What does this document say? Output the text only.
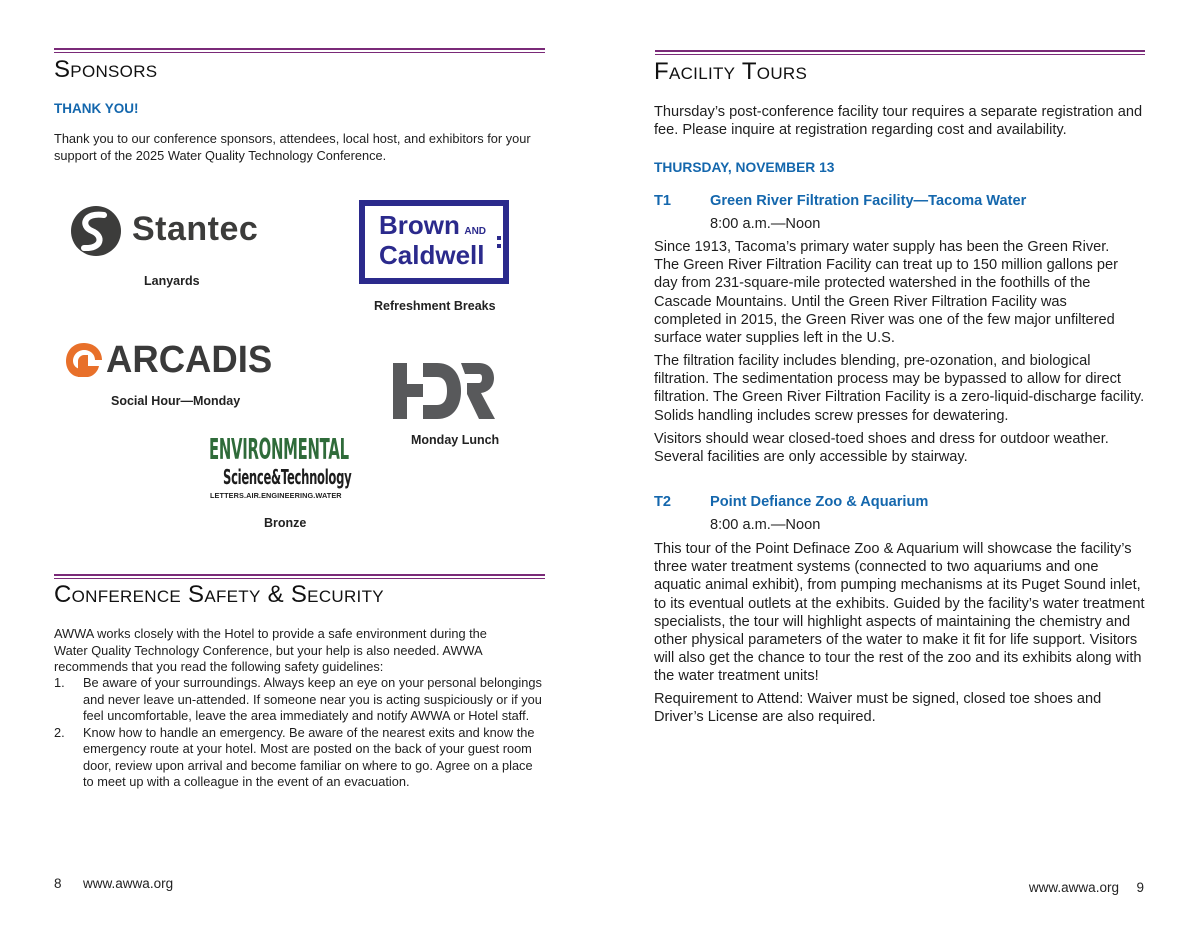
Sponsors
THANK YOU!
Thank you to our conference sponsors, attendees, local host, and exhibitors for your support of the 2025 Water Quality Technology Conference.
Stantec
Lanyards
Brown AND
Caldwell
Refreshment Breaks
ARCADIS
Social Hour—Monday
Monday Lunch
ENVIRONMENTAL
Science&Technology
LETTERS.AIR.ENGINEERING.WATER
Bronze
Conference Safety & Security
AWWA works closely with the Hotel to provide a safe environment during the Water Quality Technology Conference, but your help is also needed. AWWA recommends that you read the following safety guidelines:
1. Be aware of your surroundings. Always keep an eye on your personal belongings and never leave un-attended. If someone near you is acting suspiciously or if you feel uncomfortable, leave the area immediately and notify AWWA or Hotel staff.
2. Know how to handle an emergency. Be aware of the nearest exits and know the emergency route at your hotel. Most are posted on the back of your guest room door, review upon arrival and become familiar on where to go. Agree on a place to meet up with a colleague in the event of an evacuation.
8 www.awwa.org
Facility Tours
Thursday’s post-conference facility tour requires a separate registration and fee. Please inquire at registration regarding cost and availability.
THURSDAY, NOVEMBER 13
T1	Green River Filtration Facility—Tacoma Water
8:00 a.m.—Noon
Since 1913, Tacoma’s primary water supply has been the Green River. The Green River Filtration Facility can treat up to 150 million gallons per day from 231-square-mile protected watershed in the foothills of the Cascade Mountains. Until the Green River Filtration Facility was completed in 2015, the Green River was one of the few major unfiltered surface water supplies left in the U.S.
The filtration facility includes blending, pre-ozonation, and biological filtration. The sedimentation process may be bypassed to allow for direct filtration. The Green River Filtration Facility is a zero-liquid-discharge facility. Solids handling includes screw presses for dewatering.
Visitors should wear closed-toed shoes and dress for outdoor weather. Several facilities are only accessible by stairway.
T2	Point Defiance Zoo & Aquarium
8:00 a.m.—Noon
This tour of the Point Definace Zoo & Aquarium will showcase the facility’s three water treatment systems (connected to two aquariums and one aquatic animal exhibit), from pumping mechanisms at its Puget Sound inlet, to its eventual outlets at the exhibits. Guided by the facility’s water treatment specialists, the tour will highlight aspects of maintaining the chemistry and other physical parameters of the water to make it fit for life support. Visitors will also get the chance to tour the rest of the zoo and its exhibits along with the water treatment units!
Requirement to Attend: Waiver must be signed, closed toe shoes and Driver’s License are also required.
www.awwa.org 9
